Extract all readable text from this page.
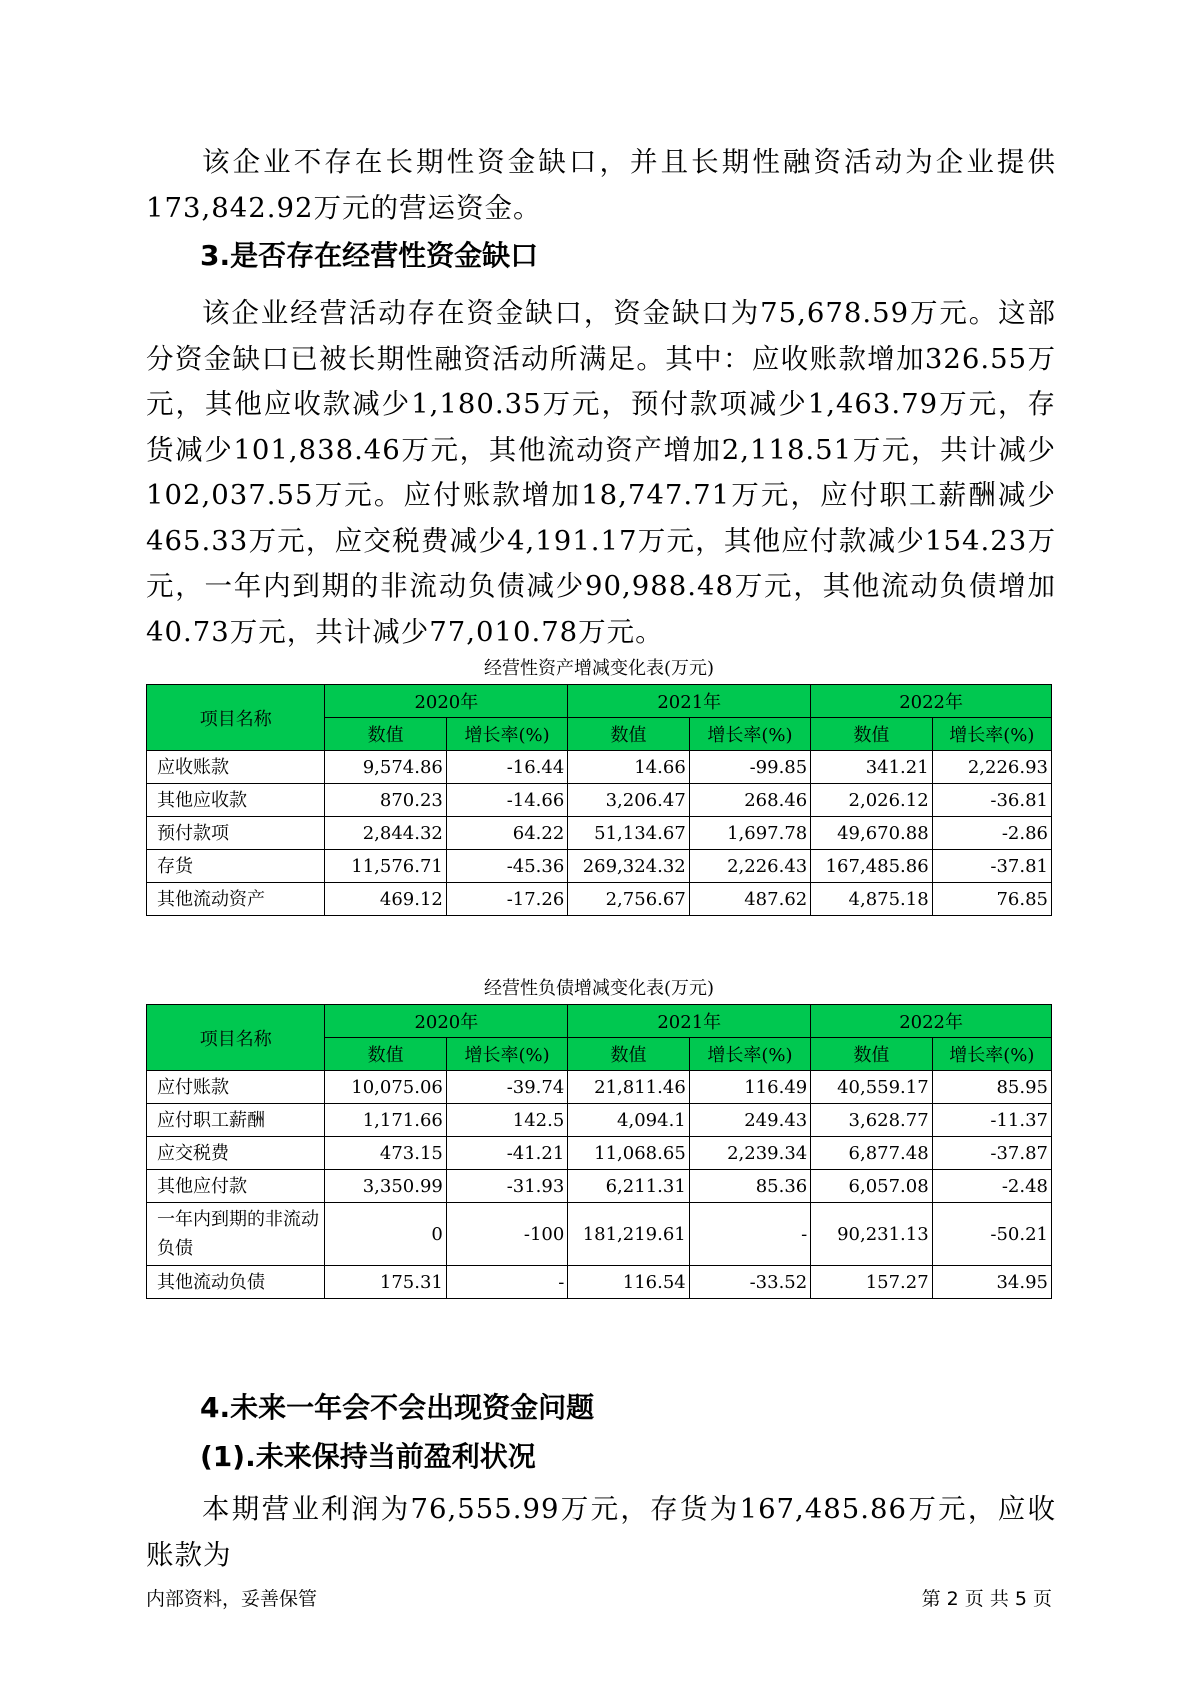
该企业不存在长期性资金缺口，并且长期性融资活动为企业提供173,842.92万元的营运资金。

3.是否存在经营性资金缺口

该企业经营活动存在资金缺口，资金缺口为75,678.59万元。这部分资金缺口已被长期性融资活动所满足。其中：应收账款增加326.55万元，其他应收款减少1,180.35万元，预付款项减少1,463.79万元，存货减少101,838.46万元，其他流动资产增加2,118.51万元，共计减少102,037.55万元。应付账款增加18,747.71万元，应付职工薪酬减少465.33万元，应交税费减少4,191.17万元，其他应付款减少154.23万元，一年内到期的非流动负债减少90,988.48万元，其他流动负债增加40.73万元，共计减少77,010.78万元。

经营性资产增减变化表(万元)
项目名称	2020年		2021年		2022年	
	数值	增长率(%)	数值	增长率(%)	数值	增长率(%)
应收账款	9,574.86	-16.44	14.66	-99.85	341.21	2,226.93
其他应收款	870.23	-14.66	3,206.47	268.46	2,026.12	-36.81
预付款项	2,844.32	64.22	51,134.67	1,697.78	49,670.88	-2.86
存货	11,576.71	-45.36	269,324.32	2,226.43	167,485.86	-37.81
其他流动资产	469.12	-17.26	2,756.67	487.62	4,875.18	76.85
经营性负债增减变化表(万元)
项目名称	2020年		2021年		2022年	
	数值	增长率(%)	数值	增长率(%)	数值	增长率(%)
应付账款	10,075.06	-39.74	21,811.46	116.49	40,559.17	85.95
应付职工薪酬	1,171.66	142.5	4,094.1	249.43	3,628.77	-11.37
应交税费	473.15	-41.21	11,068.65	2,239.34	6,877.48	-37.87
其他应付款	3,350.99	-31.93	6,211.31	85.36	6,057.08	-2.48
一年内到期的非流动负债	0	-100	181,219.61	-	90,231.13	-50.21
其他流动负债	175.31	-	116.54	-33.52	157.27	34.95
4.未来一年会不会出现资金问题
(1).未来保持当前盈利状况

本期营业利润为76,555.99万元，存货为167,485.86万元，应收账款为

内部资料，妥善保管	第 2 页 共 5 页
